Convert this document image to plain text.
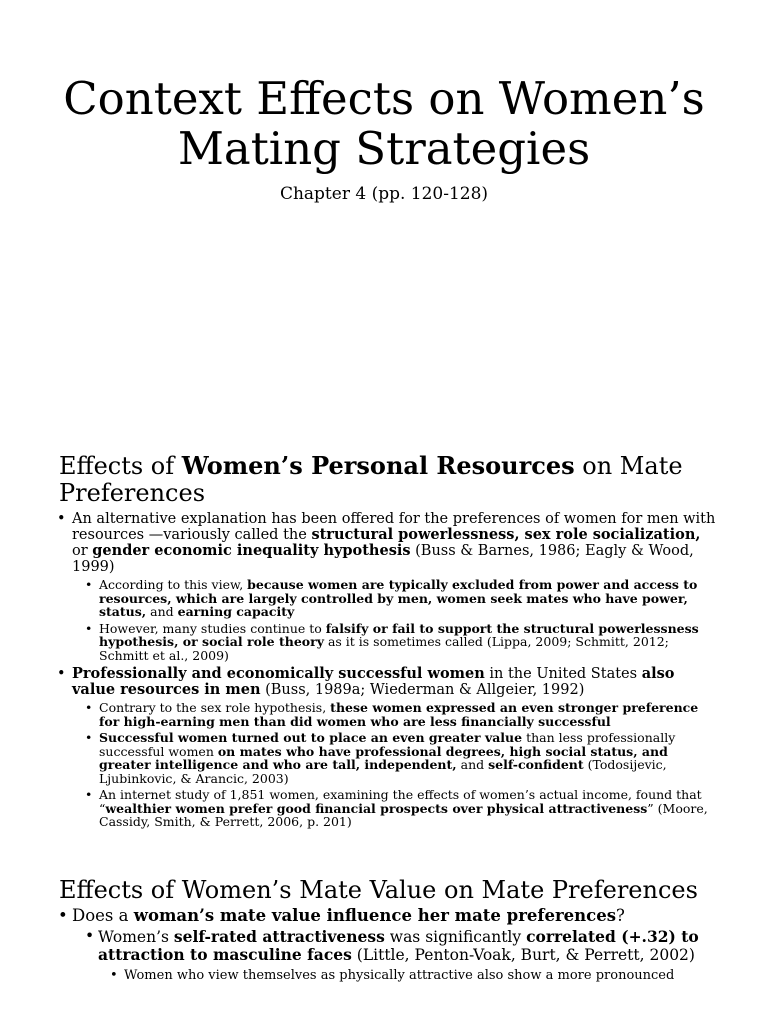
Context Effects on Women’s Mating Strategies
Chapter 4 (pp. 120-128)
Effects of Women’s Personal Resources on Mate Preferences
• An alternative explanation has been offered for the preferences of women for men with resources —variously called the structural powerlessness, sex role socialization, or gender economic inequality hypothesis (Buss & Barnes, 1986; Eagly & Wood, 1999)
• According to this view, because women are typically excluded from power and access to resources, which are largely controlled by men, women seek mates who have power, status, and earning capacity
• However, many studies continue to falsify or fail to support the structural powerlessness hypothesis, or social role theory as it is sometimes called (Lippa, 2009; Schmitt, 2012; Schmitt et al., 2009)
• Professionally and economically successful women in the United States also value resources in men (Buss, 1989a; Wiederman & Allgeier, 1992)
• Contrary to the sex role hypothesis, these women expressed an even stronger preference for high-earning men than did women who are less financially successful
• Successful women turned out to place an even greater value than less professionally successful women on mates who have professional degrees, high social status, and greater intelligence and who are tall, independent, and self-confident (Todosijevic, Ljubinkovic, & Arancic, 2003)
• An internet study of 1,851 women, examining the effects of women’s actual income, found that “wealthier women prefer good financial prospects over physical attractiveness” (Moore, Cassidy, Smith, & Perrett, 2006, p. 201)
Effects of Women’s Mate Value on Mate Preferences
• Does a woman’s mate value influence her mate preferences?
• Women’s self-rated attractiveness was significantly correlated (+.32) to attraction to masculine faces (Little, Penton-Voak, Burt, & Perrett, 2002)
• Women who view themselves as physically attractive also show a more pronounced
